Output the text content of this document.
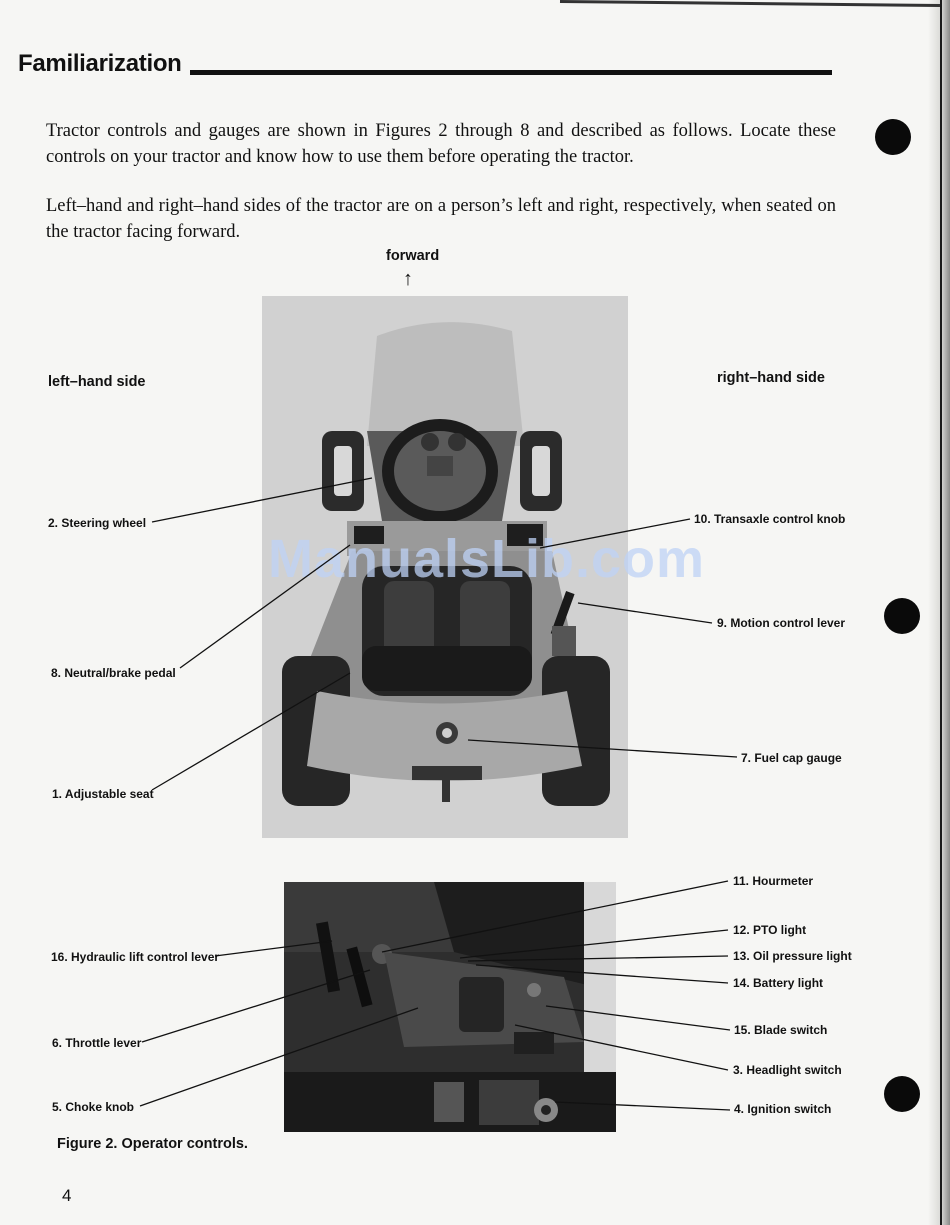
Familiarization
Tractor controls and gauges are shown in Figures 2 through 8 and described as follows. Locate these controls on your tractor and know how to use them before operating the tractor.
Left–hand and right–hand sides of the tractor are on a person’s left and right, respectively, when seated on the tractor facing forward.
forward
↑
left–hand side	right–hand side
ManualsLib.com
2. Steering wheel
8. Neutral/brake pedal
1. Adjustable seat
10. Transaxle control knob
9. Motion control lever
7. Fuel cap gauge
16. Hydraulic lift control lever
6. Throttle lever
5. Choke knob
11. Hourmeter
12. PTO light
13. Oil pressure light
14. Battery light
15. Blade switch
3. Headlight switch
4. Ignition switch
Figure 2. Operator controls.
4
